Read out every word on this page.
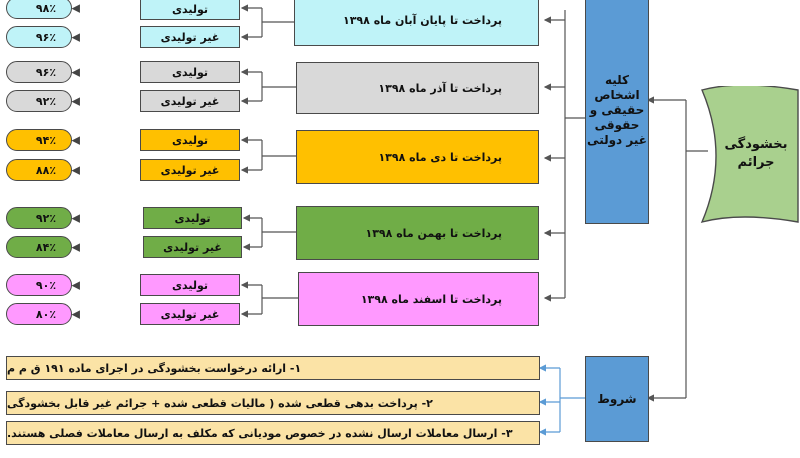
بخشودگی
جرائم
کلیه اشخاص
حقیقی و حقوقی
غیر دولتی
شروط
پرداخت تا پایان آبان ماه ۱۳۹۸
پرداخت تا آذر ماه ۱۳۹۸
پرداخت تا دی ماه ۱۳۹۸
پرداخت تا بهمن ماه ۱۳۹۸
پرداخت تا اسفند ماه ۱۳۹۸
تولیدی
غیر تولیدی
تولیدی
غیر تولیدی
تولیدی
غیر تولیدی
تولیدی
غیر تولیدی
تولیدی
غیر تولیدی
۹۸٪ ◀
۹۶٪ ◀
۹۶٪ ◀
۹۲٪ ◀
۹۴٪ ◀
۸۸٪ ◀
۹۲٪ ◀
۸۴٪ ◀
۹۰٪ ◀
۸۰٪ ◀
۱- ارائه درخواست بخشودگی در اجرای ماده ۱۹۱ ق م م
۲- پرداخت بدهی قطعی شده ( مالیات قطعی شده + جرائم غیر قابل بخشودگی
۳- ارسال معاملات ارسال نشده در خصوص مودیانی که مکلف به ارسال معاملات فصلی هستند.
